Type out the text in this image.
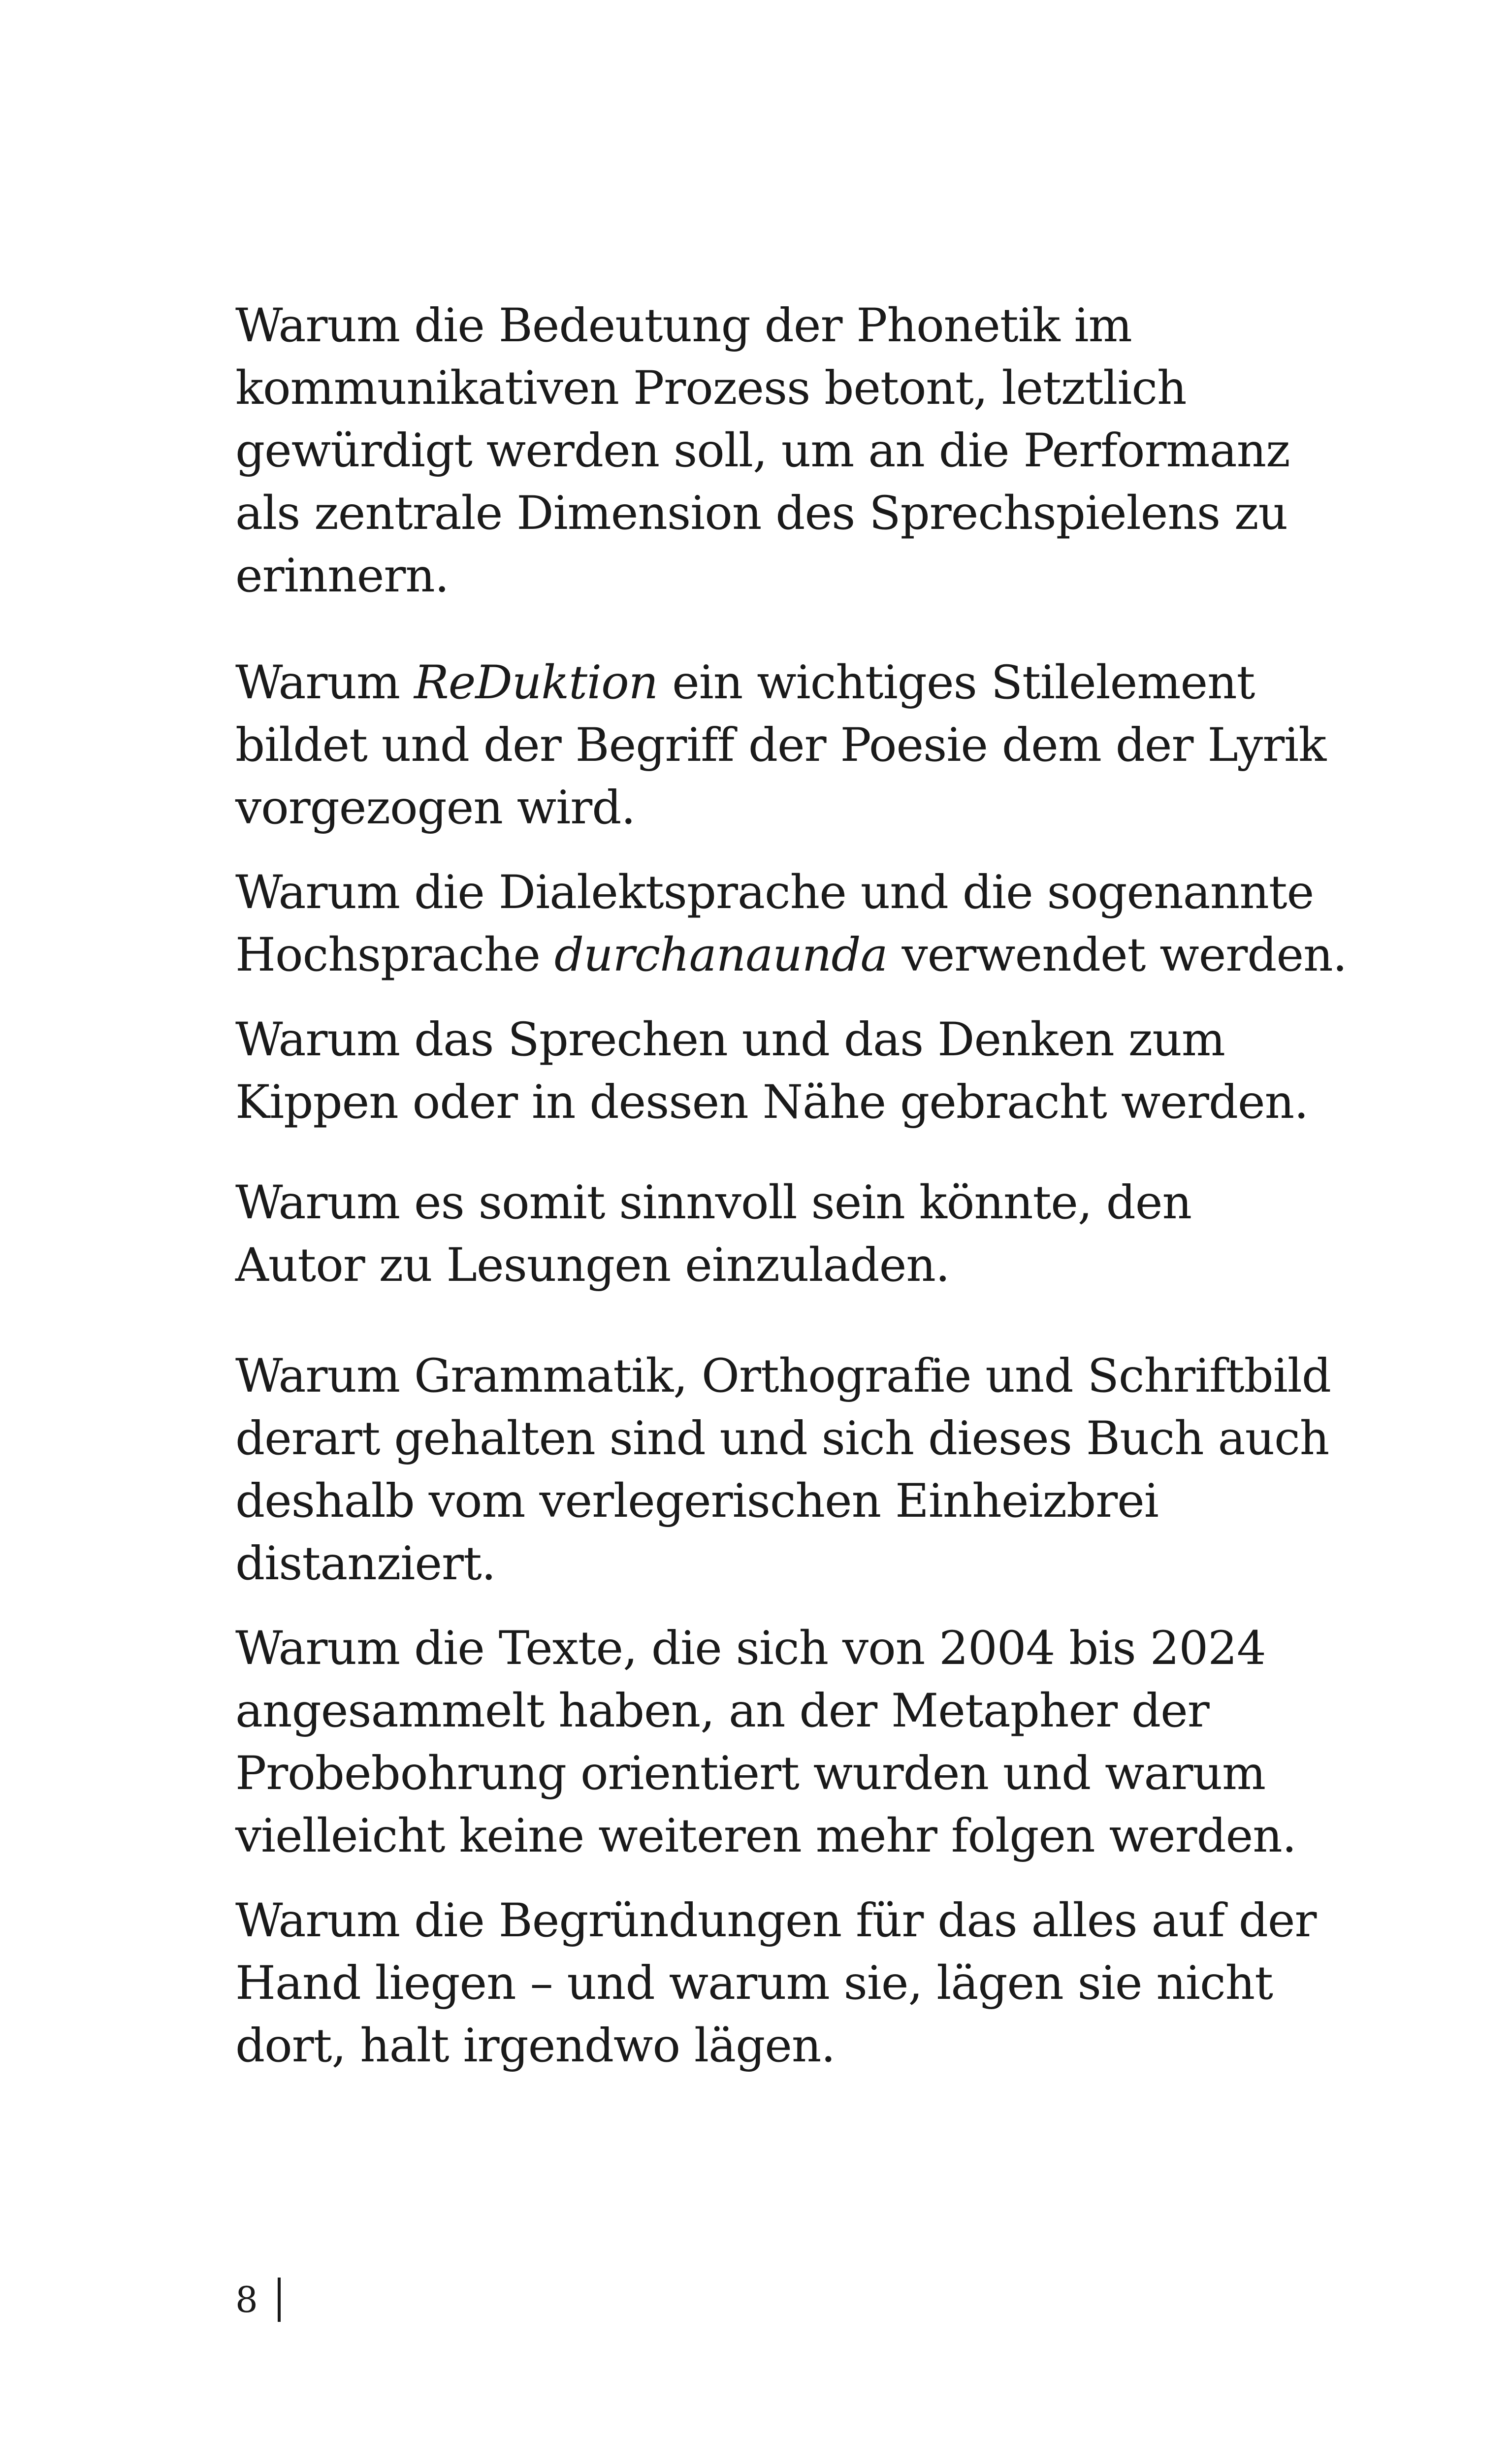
Warum die Bedeutung der Phonetik im
kommunikativen Prozess betont, letztlich
gewürdigt werden soll, um an die Performanz
als zentrale Dimension des Sprechspielens zu
erinnern.

Warum ReDuktion ein wichtiges Stilelement
bildet und der Begriff der Poesie dem der Lyrik
vorgezogen wird.

Warum die Dialektsprache und die sogenannte
Hochsprache durchanaunda verwendet werden.

Warum das Sprechen und das Denken zum
Kippen oder in dessen Nähe gebracht werden.

Warum es somit sinnvoll sein könnte, den
Autor zu Lesungen einzuladen.

Warum Grammatik, Orthografie und Schriftbild
derart gehalten sind und sich dieses Buch auch
deshalb vom verlegerischen Einheizbrei
distanziert.

Warum die Texte, die sich von 2004 bis 2024
angesammelt haben, an der Metapher der
Probebohrung orientiert wurden und warum
vielleicht keine weiteren mehr folgen werden.

Warum die Begründungen für das alles auf der
Hand liegen – und warum sie, lägen sie nicht
dort, halt irgendwo lägen.

8
